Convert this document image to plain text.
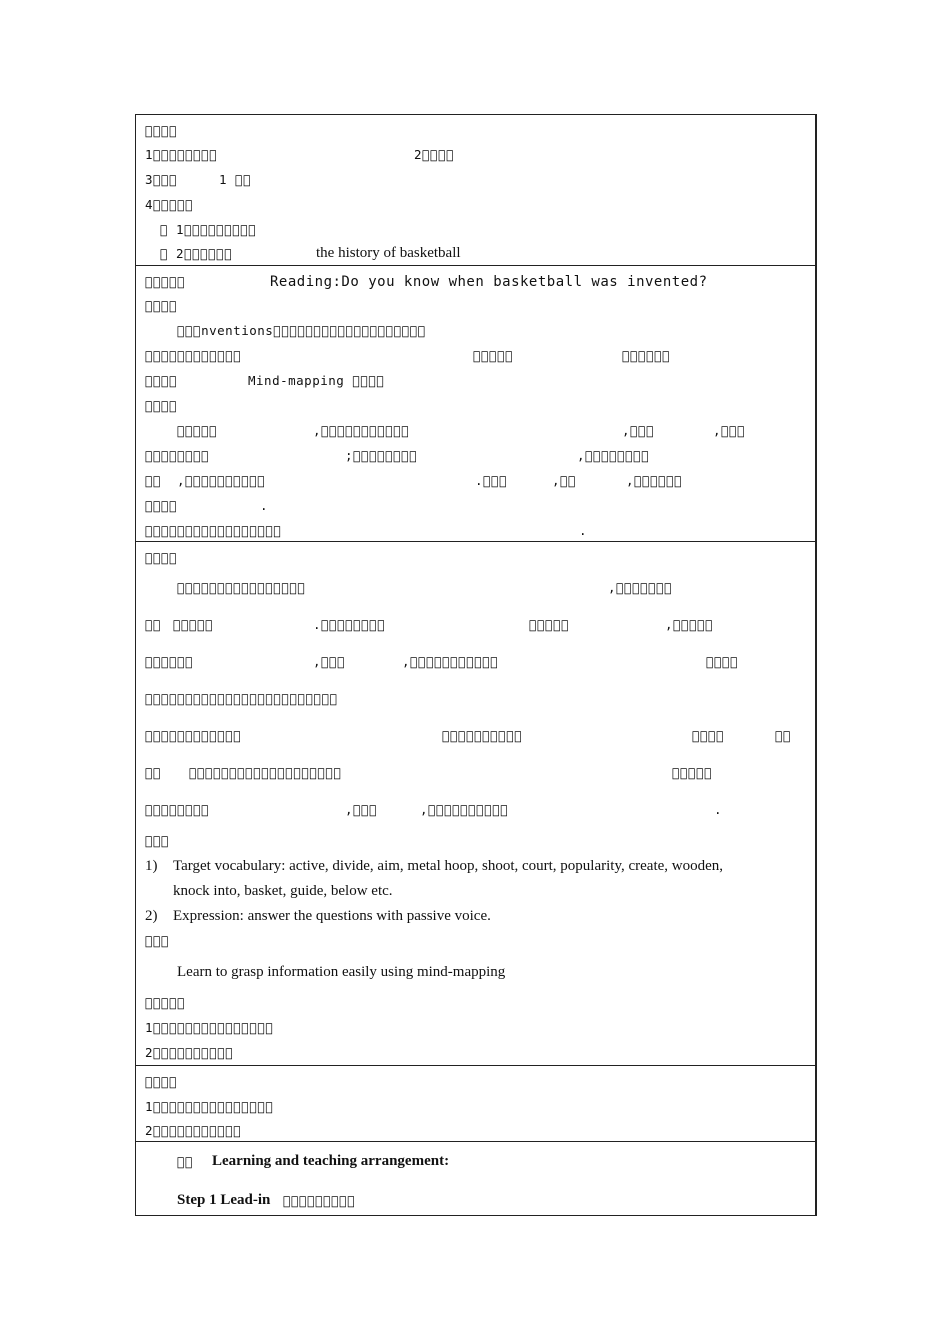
􀀀􀀀􀀀􀀀
1􀀀􀀀􀀀􀀀􀀀􀀀􀀀􀀀	2􀀀􀀀􀀀􀀀
3􀀀􀀀􀀀	1 􀀀􀀀
4􀀀􀀀􀀀􀀀􀀀
􀀀 1􀀀􀀀􀀀􀀀􀀀􀀀􀀀􀀀􀀀
􀀀 2􀀀􀀀􀀀􀀀􀀀􀀀	the history of basketball
􀀀􀀀􀀀􀀀􀀀	Reading:Do you know when basketball was invented?
􀀀􀀀􀀀􀀀
􀀀􀀀􀀀nventions􀀀􀀀􀀀􀀀􀀀􀀀􀀀􀀀􀀀􀀀􀀀􀀀􀀀􀀀􀀀􀀀􀀀􀀀􀀀
􀀀􀀀􀀀􀀀􀀀􀀀􀀀􀀀􀀀􀀀􀀀􀀀	􀀀􀀀􀀀􀀀􀀀	􀀀􀀀􀀀􀀀􀀀􀀀
􀀀􀀀􀀀􀀀	Mind-mapping 􀀀􀀀􀀀􀀀
􀀀􀀀􀀀􀀀
􀀀􀀀􀀀􀀀􀀀	,􀀀􀀀􀀀􀀀􀀀􀀀􀀀􀀀􀀀􀀀􀀀	,􀀀􀀀􀀀	,􀀀􀀀􀀀
􀀀􀀀􀀀􀀀􀀀􀀀􀀀􀀀	;􀀀􀀀􀀀􀀀􀀀􀀀􀀀􀀀	,􀀀􀀀􀀀􀀀􀀀􀀀􀀀􀀀
􀀀􀀀 ,􀀀􀀀􀀀􀀀􀀀􀀀􀀀􀀀􀀀􀀀	.􀀀􀀀􀀀	,􀀀􀀀	,􀀀􀀀􀀀􀀀􀀀􀀀
􀀀􀀀􀀀􀀀	.
􀀀􀀀􀀀􀀀􀀀􀀀􀀀􀀀􀀀􀀀􀀀􀀀􀀀􀀀􀀀􀀀􀀀	.
􀀀􀀀􀀀􀀀
􀀀􀀀􀀀􀀀􀀀􀀀􀀀􀀀􀀀􀀀􀀀􀀀􀀀􀀀􀀀􀀀	,􀀀􀀀􀀀􀀀􀀀􀀀􀀀
􀀀􀀀 􀀀􀀀􀀀􀀀􀀀	.􀀀􀀀􀀀􀀀􀀀􀀀􀀀􀀀	􀀀􀀀􀀀􀀀􀀀	,􀀀􀀀􀀀􀀀􀀀
􀀀􀀀􀀀􀀀􀀀􀀀	,􀀀􀀀􀀀	,􀀀􀀀􀀀􀀀􀀀􀀀􀀀􀀀􀀀􀀀􀀀	􀀀􀀀􀀀􀀀
􀀀􀀀􀀀􀀀􀀀􀀀􀀀􀀀􀀀􀀀􀀀􀀀􀀀􀀀􀀀􀀀􀀀􀀀􀀀􀀀􀀀􀀀􀀀􀀀
􀀀􀀀􀀀􀀀􀀀􀀀􀀀􀀀􀀀􀀀􀀀􀀀	􀀀􀀀􀀀􀀀􀀀􀀀􀀀􀀀􀀀􀀀	􀀀􀀀􀀀􀀀	􀀀􀀀
􀀀􀀀 􀀀􀀀􀀀􀀀􀀀􀀀􀀀􀀀􀀀􀀀􀀀􀀀􀀀􀀀􀀀􀀀􀀀􀀀􀀀	􀀀􀀀􀀀􀀀􀀀
􀀀􀀀􀀀􀀀􀀀􀀀􀀀􀀀	,􀀀􀀀􀀀	,􀀀􀀀􀀀􀀀􀀀􀀀􀀀􀀀􀀀􀀀	.
􀀀􀀀􀀀
1) Target vocabulary: active, divide, aim, metal hoop, shoot, court, popularity, create, wooden,
knock into, basket, guide, below etc.
2) Expression: answer the questions with passive voice.
􀀀􀀀􀀀
Learn to grasp information easily using mind-mapping
􀀀􀀀􀀀􀀀􀀀
1􀀀􀀀􀀀􀀀􀀀􀀀􀀀􀀀􀀀􀀀􀀀􀀀􀀀􀀀􀀀
2􀀀􀀀􀀀􀀀􀀀􀀀􀀀􀀀􀀀􀀀
􀀀􀀀􀀀􀀀
1􀀀􀀀􀀀􀀀􀀀􀀀􀀀􀀀􀀀􀀀􀀀􀀀􀀀􀀀􀀀
2􀀀􀀀􀀀􀀀􀀀􀀀􀀀􀀀􀀀􀀀􀀀
􀀀􀀀 Learning and teaching arrangement:
Step 1 Lead-in 􀀀􀀀􀀀􀀀􀀀􀀀􀀀􀀀􀀀
